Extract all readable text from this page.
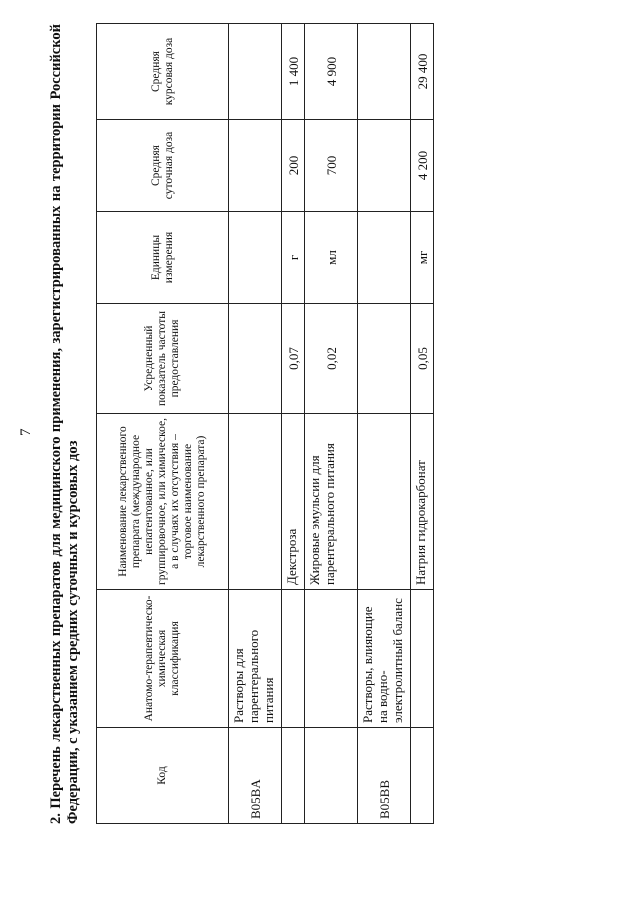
7 2. Перечень лекарственных препаратов для медицинского применения, зарегистрированных на территории Российской Федерации, с указанием средних суточных и курсовых доз	Код	Анатомо-терапевтическо-химическая классификация	Наименование лекарственного препарата (международное непатентованное, или группировочное, или химическое, а в случаях их отсутствия – торговое наименование лекарственного препарата)	Усредненный показатель частоты предоставления	Единицы измерения	Средняя суточная доза	Средняя курсовая доза
B05BA	Растворы для парентерального питания					
		Декстроза	0,07	г	200	1 400
		Жировые эмульсии для парентерального питания	0,02	мл	700	4 900
B05BB	Растворы, влияющие на водно-электролитный баланс					
		Натрия гидрокарбонат	0,05	мг	4 200	29 400
